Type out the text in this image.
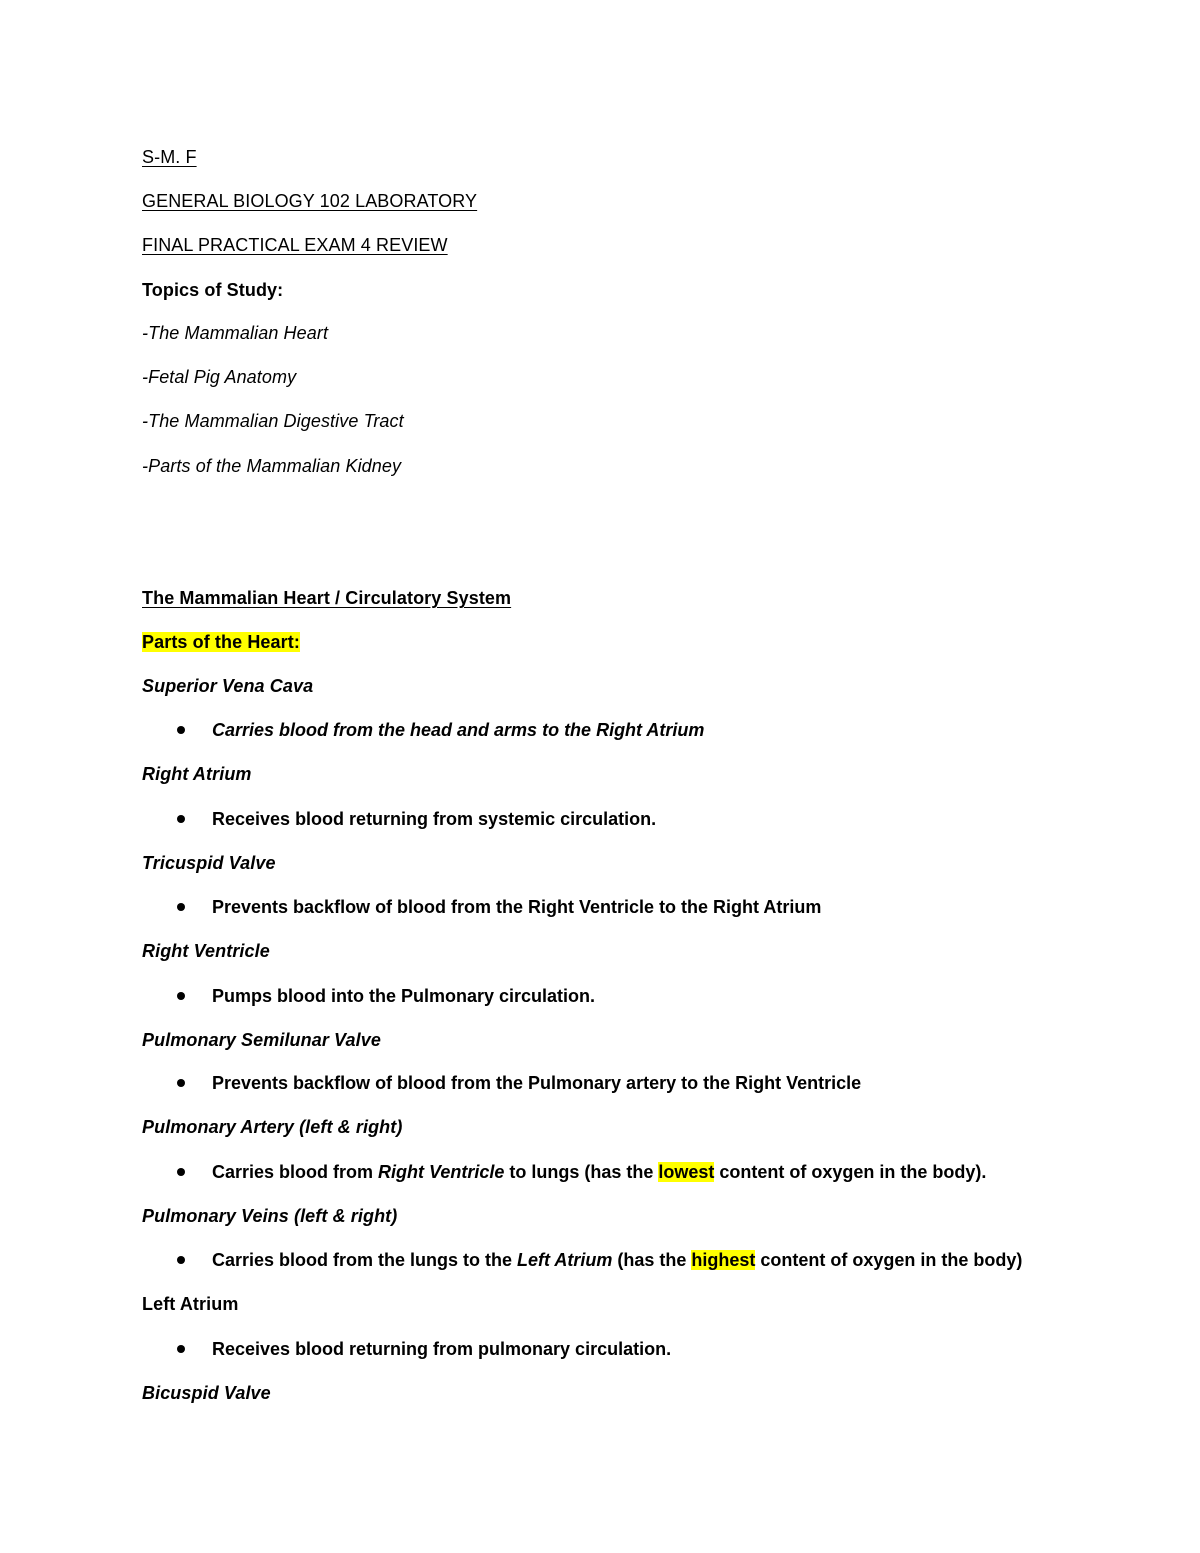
S-M. F
GENERAL BIOLOGY 102 LABORATORY
FINAL PRACTICAL EXAM 4 REVIEW
Topics of Study:
-The Mammalian Heart
-Fetal Pig Anatomy
-The Mammalian Digestive Tract
-Parts of the Mammalian Kidney
The Mammalian Heart / Circulatory System
Parts of the Heart:
Superior Vena Cava
Carries blood from the head and arms to the Right Atrium
Right Atrium
Receives blood returning from systemic circulation.
Tricuspid Valve
Prevents backflow of blood from the Right Ventricle to the Right Atrium
Right Ventricle
Pumps blood into the Pulmonary circulation.
Pulmonary Semilunar Valve
Prevents backflow of blood from the Pulmonary artery to the Right Ventricle
Pulmonary Artery (left & right)
Carries blood from Right Ventricle to lungs (has the lowest content of oxygen in the body).
Pulmonary Veins (left & right)
Carries blood from the lungs to the Left Atrium (has the highest content of oxygen in the body)
Left Atrium
Receives blood returning from pulmonary circulation.
Bicuspid Valve
